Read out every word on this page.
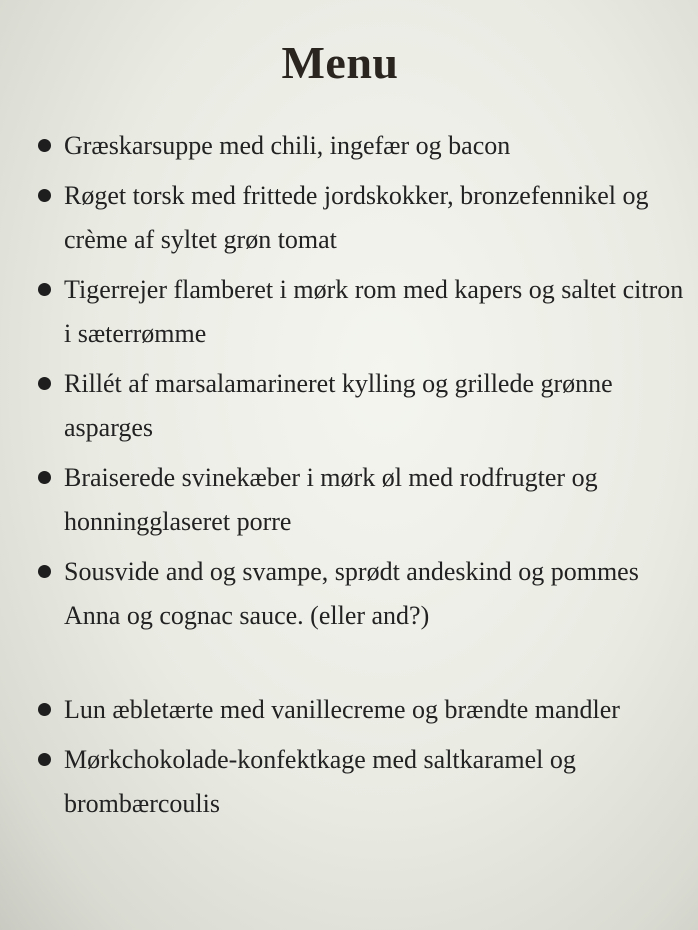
Menu
Græskarsuppe med chili, ingefær og bacon
Røget torsk med frittede jordskokker, bronzefennikel og crème af syltet grøn tomat
Tigerrejer flamberet i mørk rom med kapers og saltet citron i sæterrømme
Rillét af marsalamarineret kylling og grillede grønne asparges
Braiserede svinekæber i mørk øl med rodfrugter og honningglaseret porre
Sousvide and og svampe, sprødt andeskind og pommes Anna og cognac sauce. (eller and?)
Lun æbletærte med vanillecreme og brændte mandler
Mørkchokolade-konfektkage med saltkaramel og brombærcoulis
